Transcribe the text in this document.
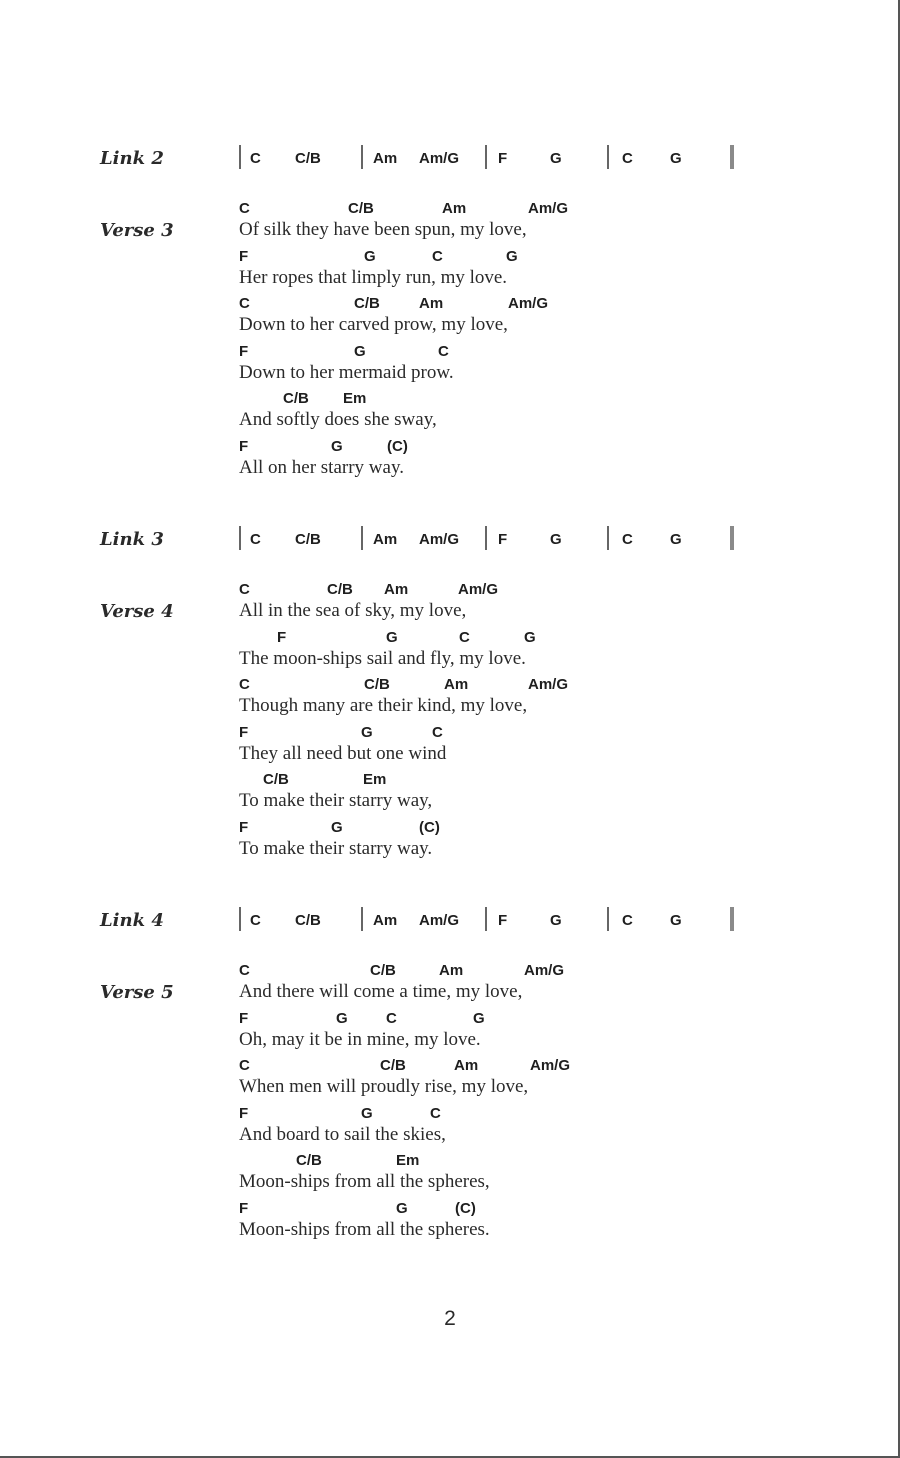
Link 2	C C/B	Am Am/G	F	G	C G
Verse 3
C	C/B	Am	Am/G
Of silk they have been spun, my love,
F	G	C	G
Her ropes that limply run, my love.
C	C/B	Am	Am/G
Down to her carved prow, my love,
F	G	C
Down to her mermaid prow.
C/B Em
And softly does she sway,
F	G	(C)
All on her starry way.
Link 3	C C/B	Am Am/G	F	G	C G
Verse 4
C	C/B Am	Am/G
All in the sea of sky, my love,
F	G	C	G
The moon-ships sail and fly, my love.
C	C/B	Am	Am/G
Though many are their kind, my love,
F	G	C
They all need but one wind
C/B	Em
To make their starry way,
F	G	(C)
To make their starry way.
Link 4	C C/B	Am Am/G	F	G	C G
Verse 5
C	C/B	Am	Am/G
And there will come a time, my love,
F	G	C	G
Oh, may it be in mine, my love.
C	C/B	Am	Am/G
When men will proudly rise, my love,
F	G	C
And board to sail the skies,
C/B	Em
Moon-ships from all the spheres,
F	G	(C)
Moon-ships from all the spheres.
2
